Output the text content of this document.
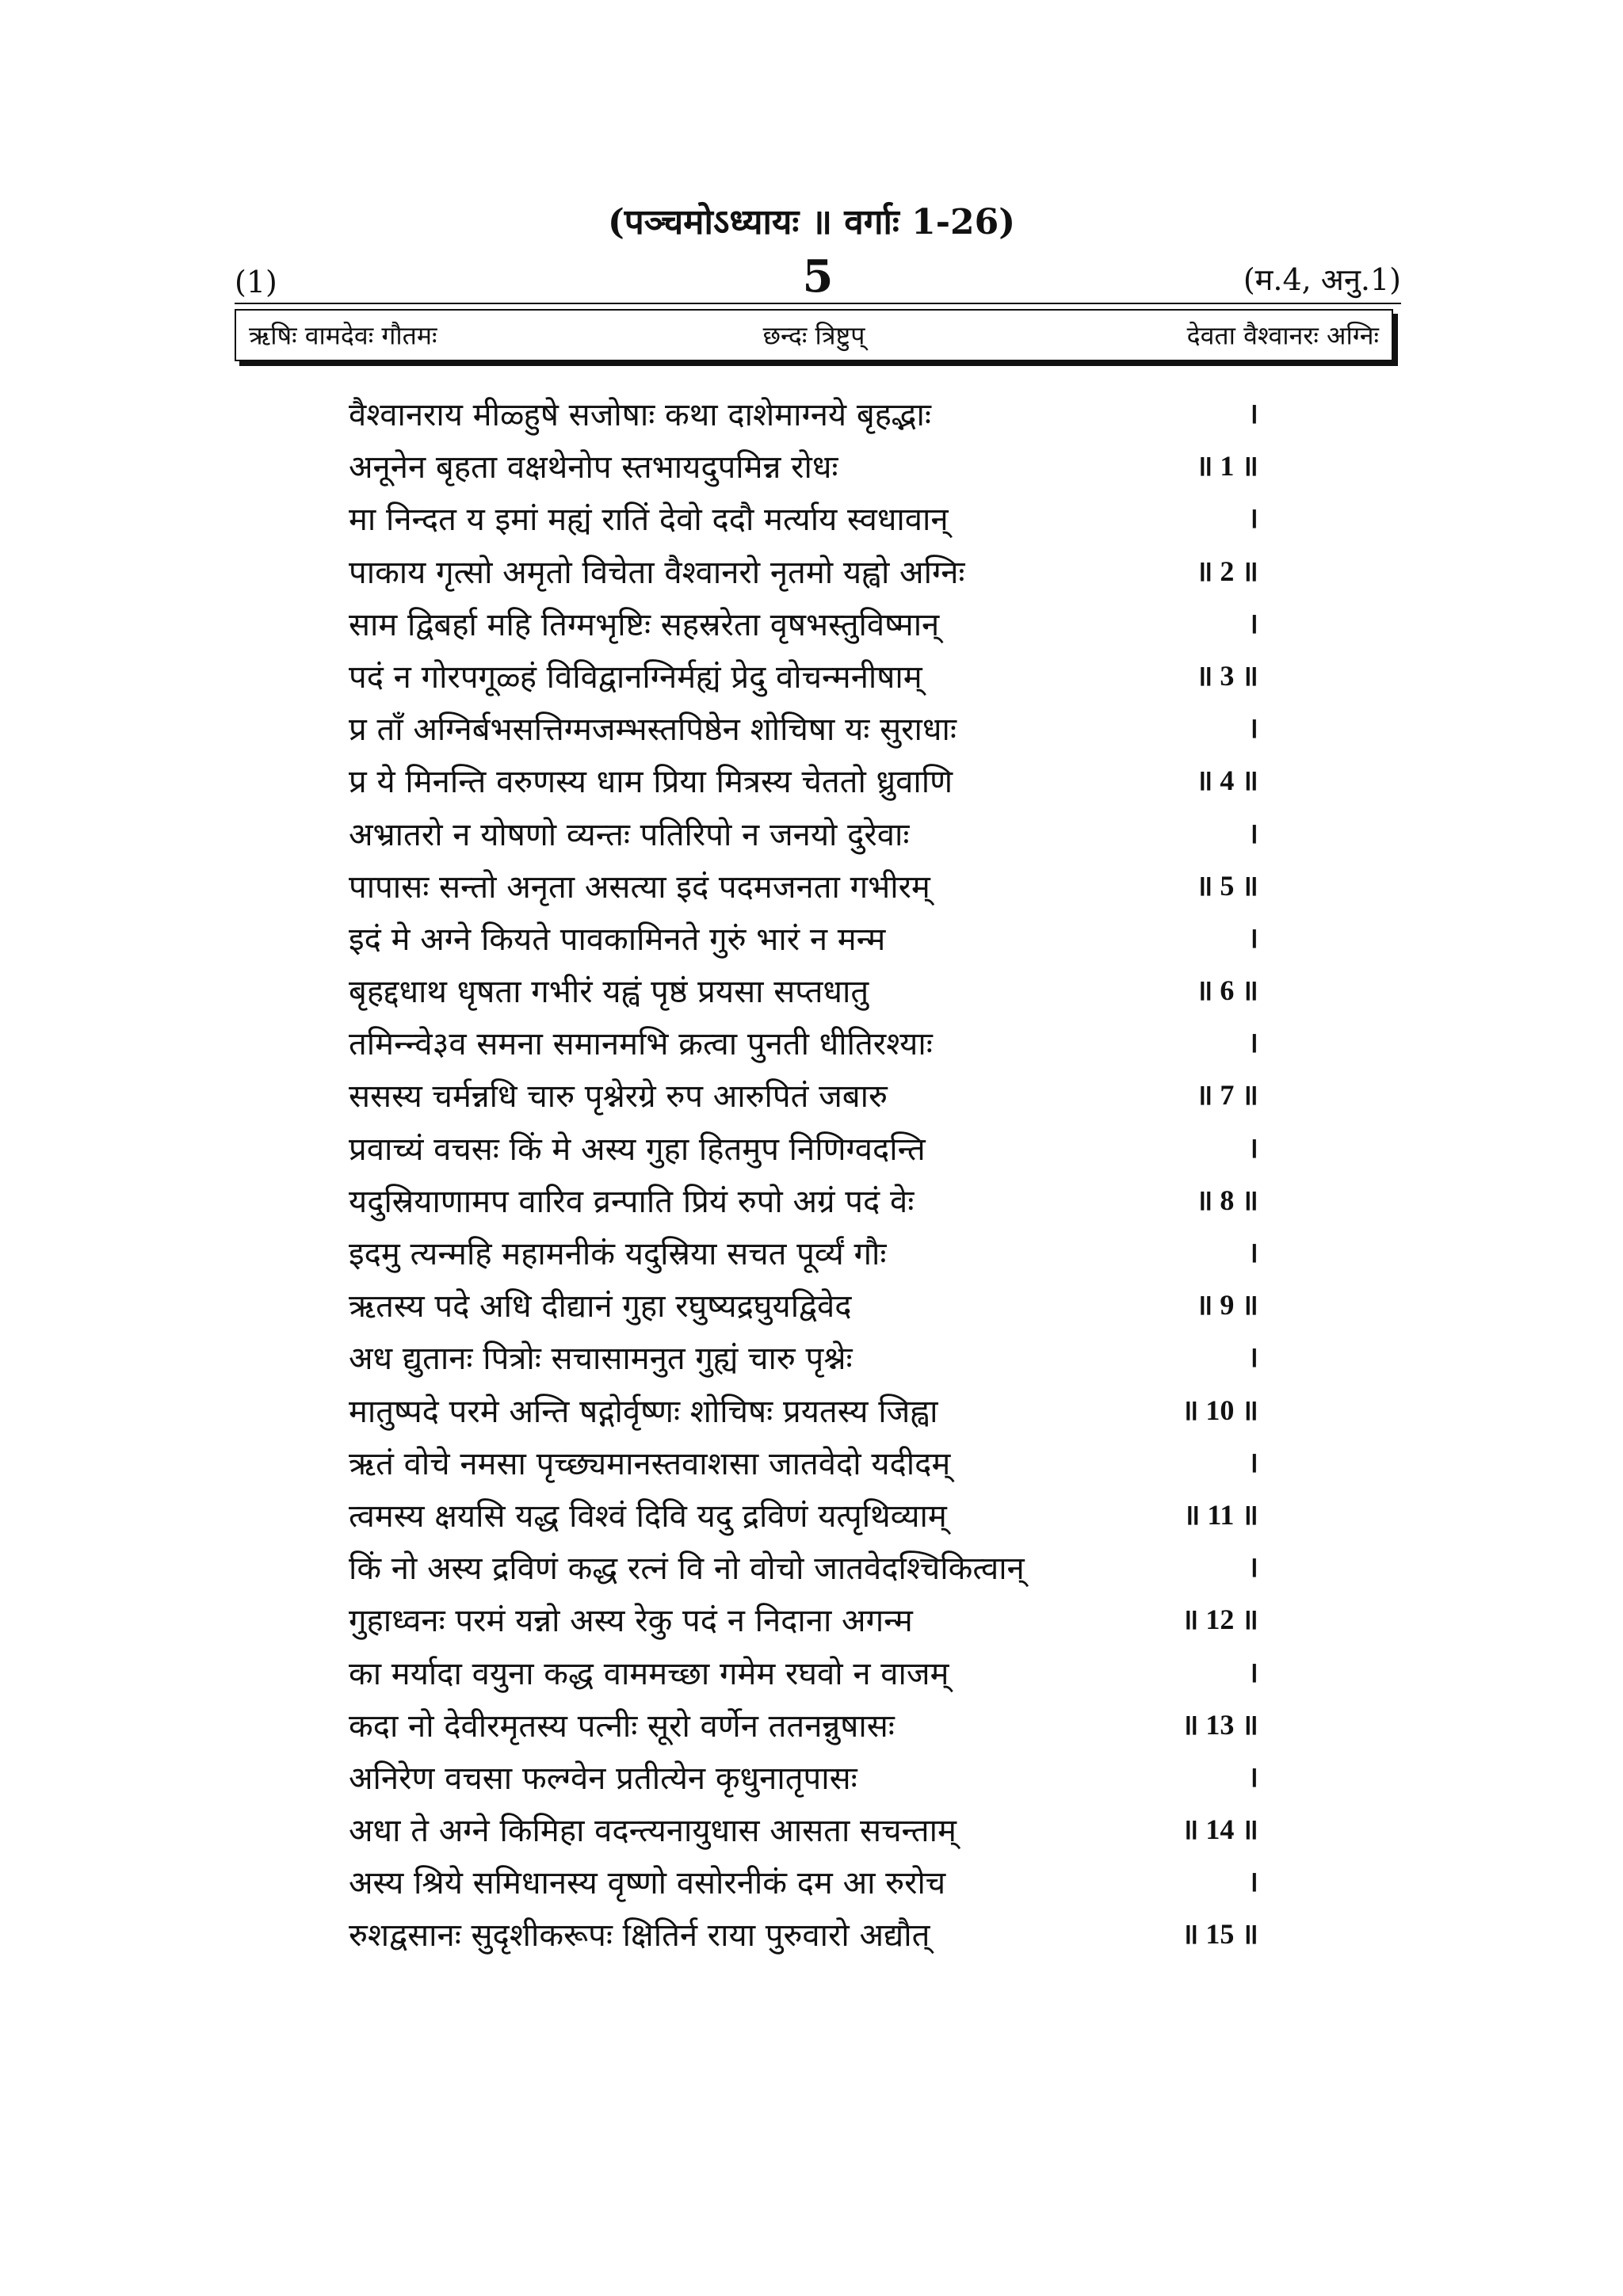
(पञ्चमोऽध्यायः ॥ वर्गाः 1-26)
(1)	5	(म.4, अनु.1)
ऋषिः वामदेवः गौतमः	छन्दः त्रिष्टुप्	देवता वैश्वानरः अग्निः
वैश्वानराय मीळ्हुषे सजोषाः कथा दाशेमाग्नये बृहद्भाः	।
अनूनेन बृहता वक्षथेनोप स्तभायदुपमिन्न रोधः	॥ 1 ॥
मा निन्दत य इमां मह्यं रातिं देवो ददौ मर्त्याय स्वधावान्	।
पाकाय गृत्सो अमृतो विचेता वैश्वानरो नृतमो यह्वो अग्निः	॥ 2 ॥
साम द्विबर्हा महि तिग्मभृष्टिः सहस्ररेता वृषभस्तुविष्मान्	।
पदं न गोरपगूळ्हं विविद्वानग्निर्मह्यं प्रेदु वोचन्मनीषाम्	॥ 3 ॥
प्र ताँ अग्निर्बभसत्तिग्मजम्भस्तपिष्ठेन शोचिषा यः सुराधाः	।
प्र ये मिनन्ति वरुणस्य धाम प्रिया मित्रस्य चेततो ध्रुवाणि	॥ 4 ॥
अभ्रातरो न योषणो व्यन्तः पतिरिपो न जनयो दुरेवाः	।
पापासः सन्तो अनृता असत्या इदं पदमजनता गभीरम्	॥ 5 ॥
इदं मे अग्ने कियते पावकामिनते गुरुं भारं न मन्म	।
बृहद्दधाथ धृषता गभीरं यह्वं पृष्ठं प्रयसा सप्तधातु	॥ 6 ॥
तमिन्न्वे३व समना समानमभि क्रत्वा पुनती धीतिरश्याः	।
ससस्य चर्मन्नधि चारु पृश्नेरग्रे रुप आरुपितं जबारु	॥ 7 ॥
प्रवाच्यं वचसः किं मे अस्य गुहा हितमुप निणिग्वदन्ति	।
यदुस्रियाणामप वारिव व्रन्पाति प्रियं रुपो अग्रं पदं वेः	॥ 8 ॥
इदमु त्यन्महि महामनीकं यदुस्रिया सचत पूर्व्यं गौः	।
ऋतस्य पदे अधि दीद्यानं गुहा रघुष्यद्रघुयद्विवेद	॥ 9 ॥
अध द्युतानः पित्रोः सचासामनुत गुह्यं चारु पृश्नेः	।
मातुष्पदे परमे अन्ति षद्गोर्वृष्णः शोचिषः प्रयतस्य जिह्वा	॥ 10 ॥
ऋतं वोचे नमसा पृच्छ्यमानस्तवाशसा जातवेदो यदीदम्	।
त्वमस्य क्षयसि यद्ध विश्वं दिवि यदु द्रविणं यत्पृथिव्याम्	॥ 11 ॥
किं नो अस्य द्रविणं कद्ध रत्नं वि नो वोचो जातवेदश्चिकित्वान्	।
गुहाध्वनः परमं यन्नो अस्य रेकु पदं न निदाना अगन्म	॥ 12 ॥
का मर्यादा वयुना कद्ध वाममच्छा गमेम रघवो न वाजम्	।
कदा नो देवीरमृतस्य पत्नीः सूरो वर्णेन ततनन्नुषासः	॥ 13 ॥
अनिरेण वचसा फल्ग्वेन प्रतीत्येन कृधुनातृपासः	।
अधा ते अग्ने किमिहा वदन्त्यनायुधास आसता सचन्ताम्	॥ 14 ॥
अस्य श्रिये समिधानस्य वृष्णो वसोरनीकं दम आ रुरोच	।
रुशद्वसानः सुदृशीकरूपः क्षितिर्न राया पुरुवारो अद्यौत्	॥ 15 ॥
